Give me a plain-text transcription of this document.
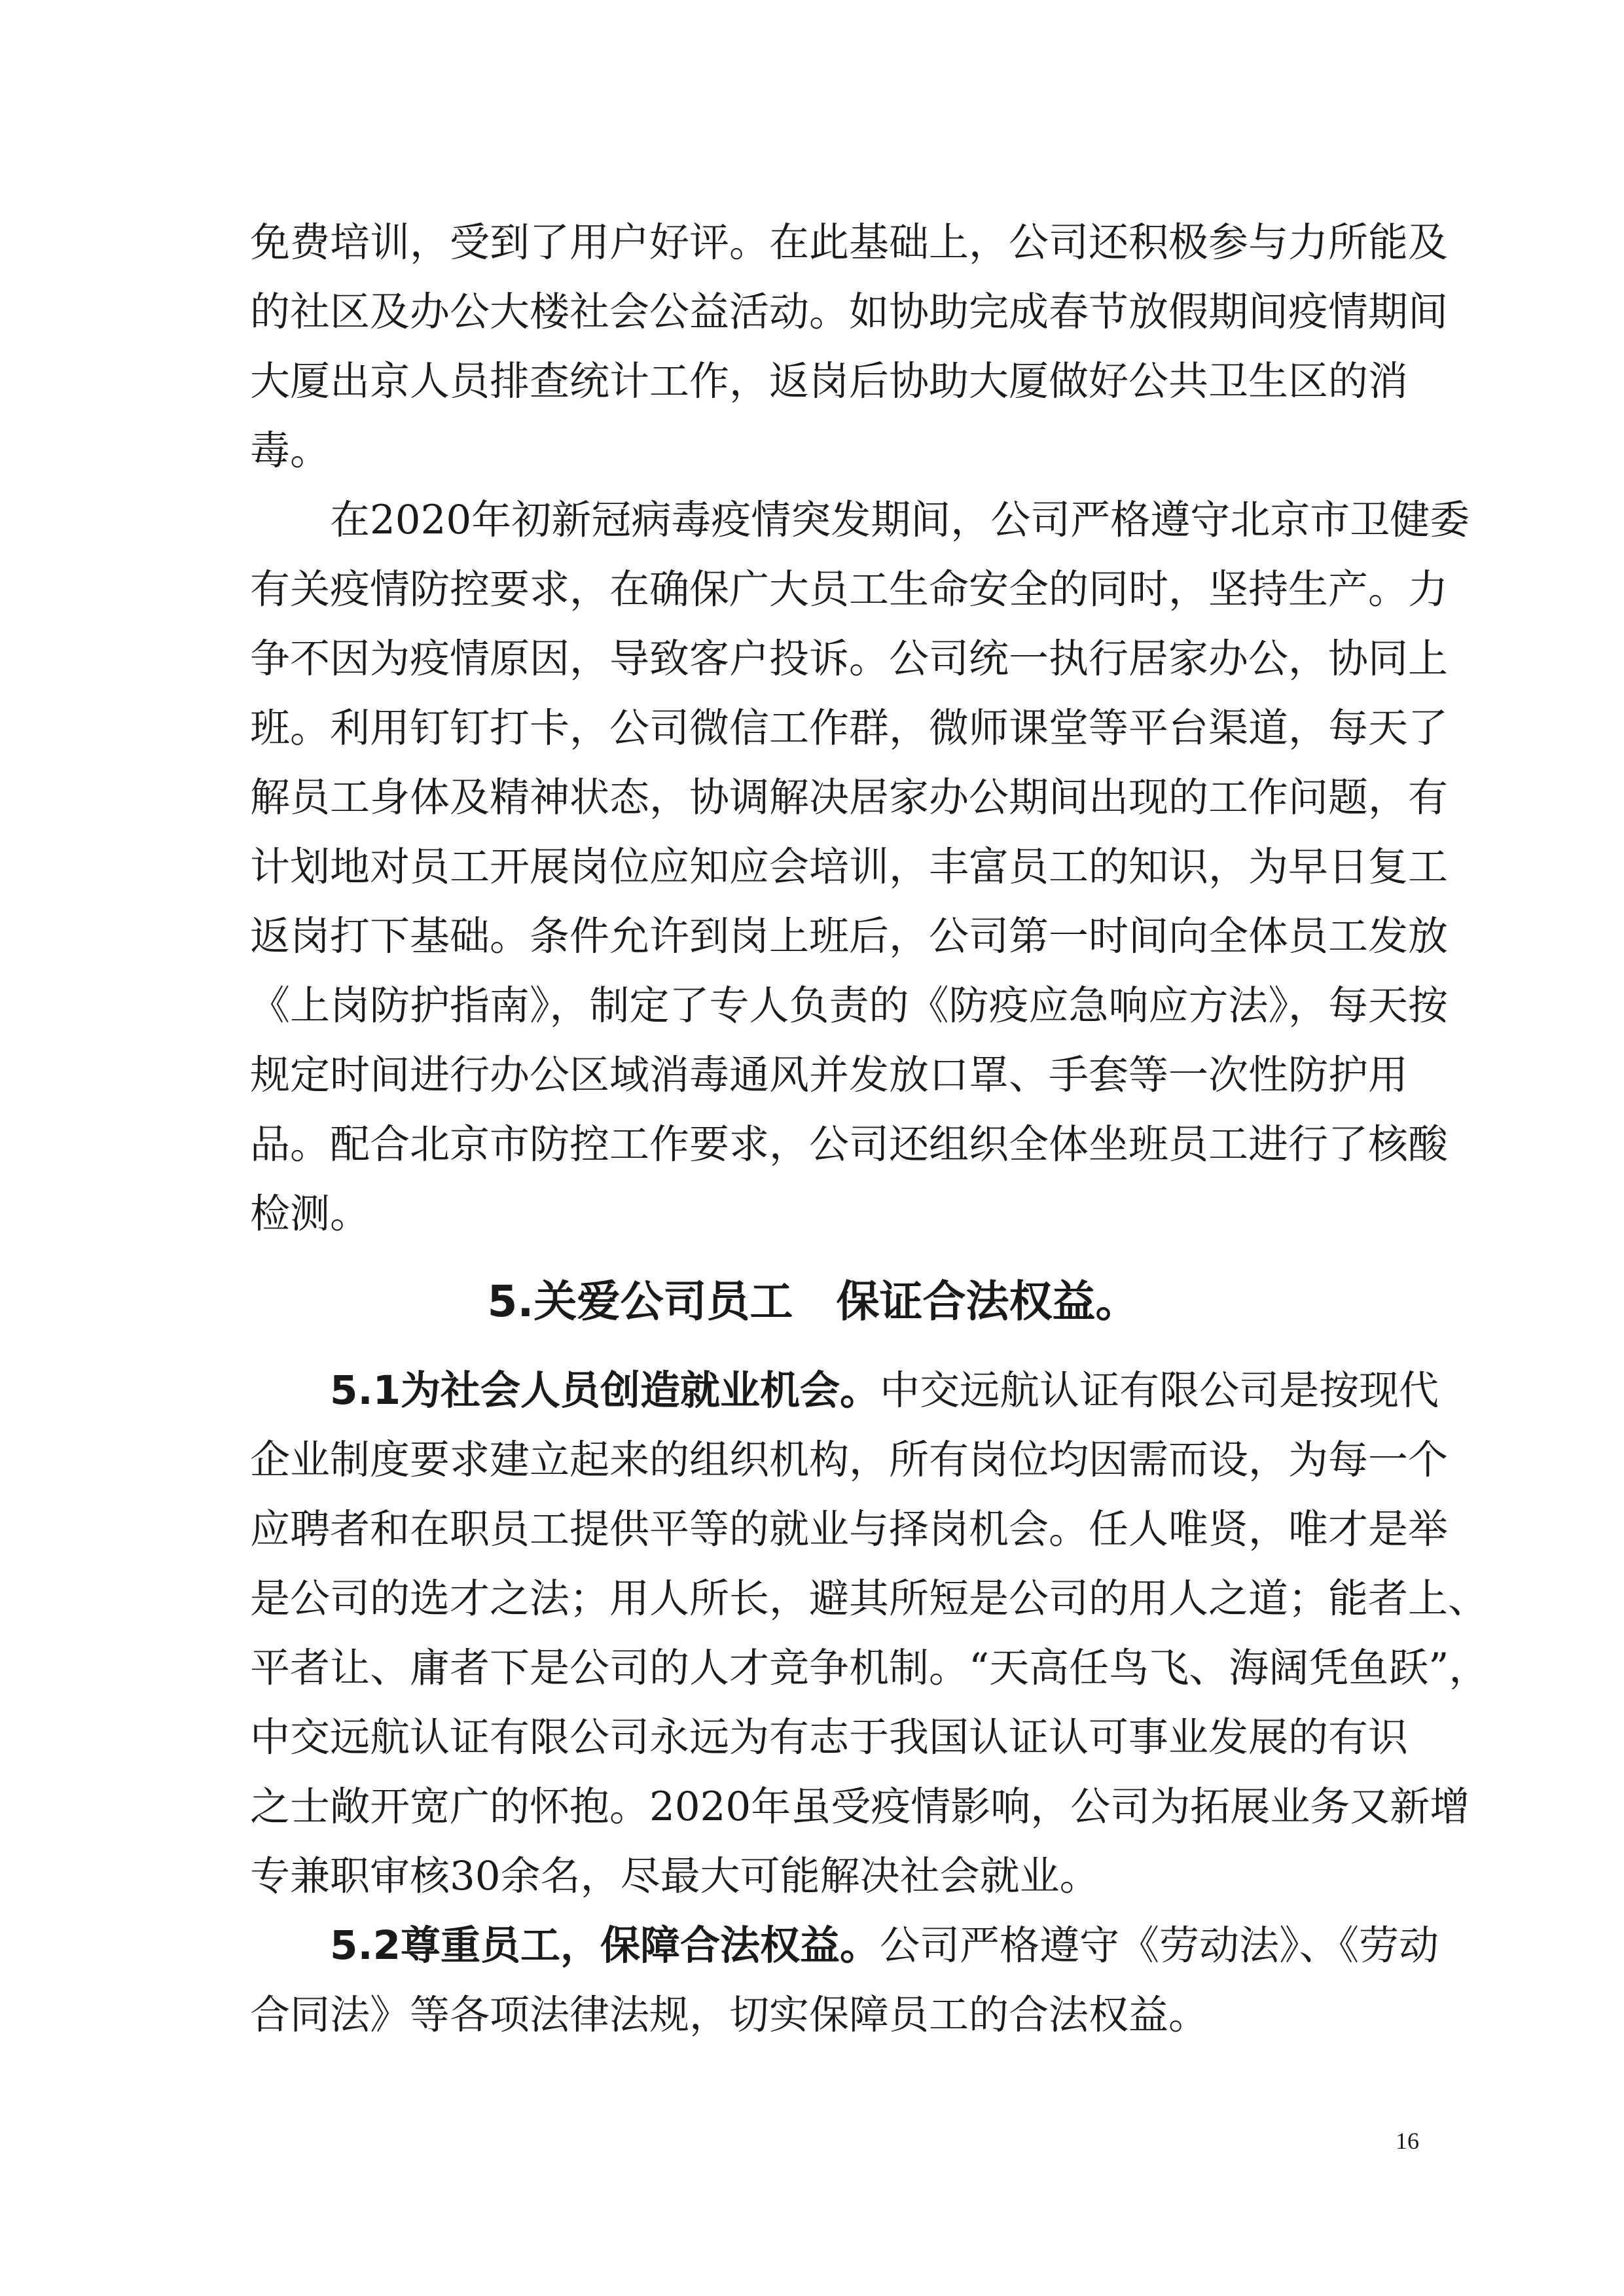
免费培训，受到了用户好评。在此基础上，公司还积极参与力所能及
的社区及办公大楼社会公益活动。如协助完成春节放假期间疫情期间
大厦出京人员排查统计工作，返岗后协助大厦做好公共卫生区的消
毒。
　　在2020年初新冠病毒疫情突发期间，公司严格遵守北京市卫健委
有关疫情防控要求，在确保广大员工生命安全的同时，坚持生产。力
争不因为疫情原因，导致客户投诉。公司统一执行居家办公，协同上
班。利用钉钉打卡，公司微信工作群，微师课堂等平台渠道，每天了
解员工身体及精神状态，协调解决居家办公期间出现的工作问题，有
计划地对员工开展岗位应知应会培训，丰富员工的知识，为早日复工
返岗打下基础。条件允许到岗上班后，公司第一时间向全体员工发放
《上岗防护指南》，制定了专人负责的《防疫应急响应方法》，每天按
规定时间进行办公区域消毒通风并发放口罩、手套等一次性防护用
品。配合北京市防控工作要求，公司还组织全体坐班员工进行了核酸
检测。
5.关爱公司员工　保证合法权益。
5.1为社会人员创造就业机会。中交远航认证有限公司是按现代
企业制度要求建立起来的组织机构，所有岗位均因需而设，为每一个
应聘者和在职员工提供平等的就业与择岗机会。任人唯贤，唯才是举
是公司的选才之法；用人所长，避其所短是公司的用人之道；能者上、
平者让、庸者下是公司的人才竞争机制。“天高任鸟飞、海阔凭鱼跃”，
中交远航认证有限公司永远为有志于我国认证认可事业发展的有识
之士敞开宽广的怀抱。2020年虽受疫情影响，公司为拓展业务又新增
专兼职审核30余名，尽最大可能解决社会就业。
5.2尊重员工，保障合法权益。公司严格遵守《劳动法》、《劳动
合同法》等各项法律法规，切实保障员工的合法权益。
16
